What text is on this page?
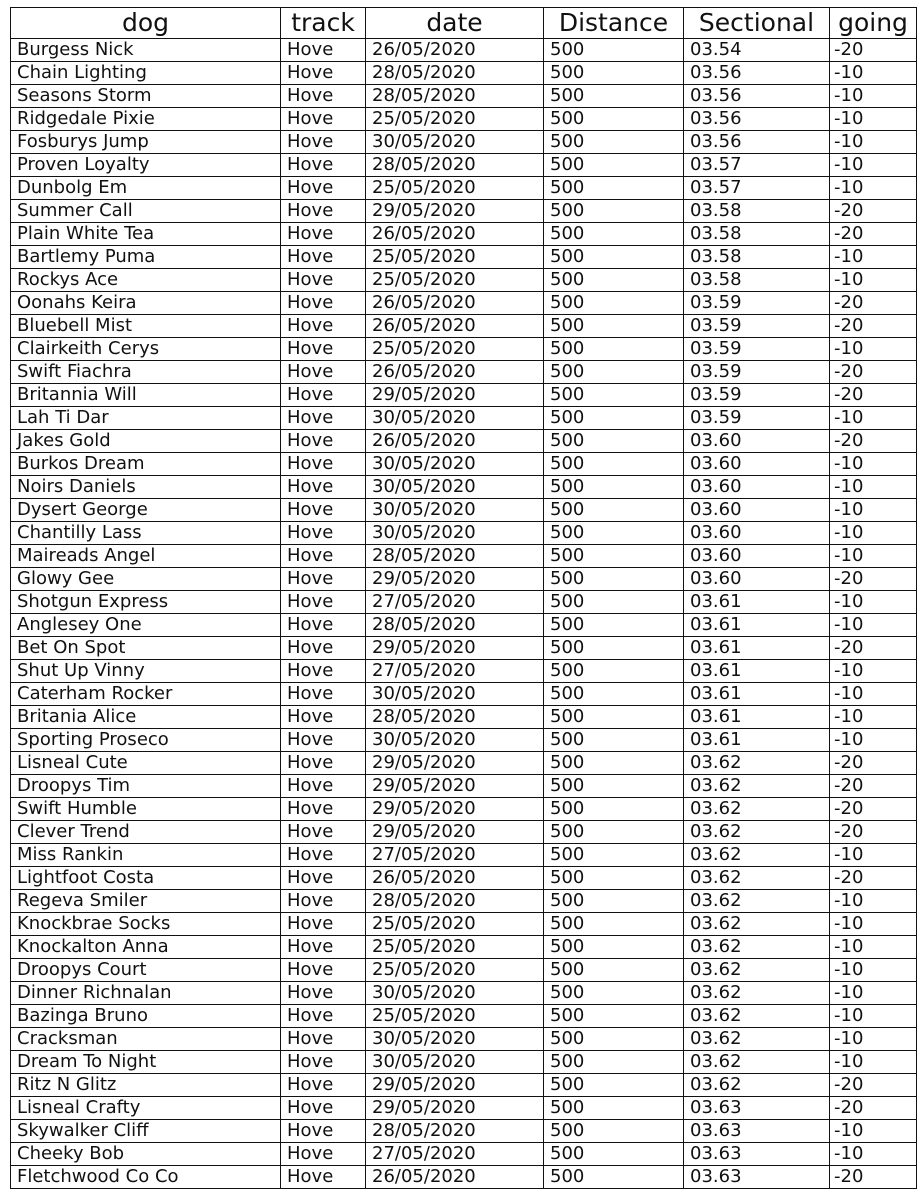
dog	track	date	Distance	Sectional	going
Burgess Nick	Hove	26/05/2020	500	03.54	-20
Chain Lighting	Hove	28/05/2020	500	03.56	-10
Seasons Storm	Hove	28/05/2020	500	03.56	-10
Ridgedale Pixie	Hove	25/05/2020	500	03.56	-10
Fosburys Jump	Hove	30/05/2020	500	03.56	-10
Proven Loyalty	Hove	28/05/2020	500	03.57	-10
Dunbolg Em	Hove	25/05/2020	500	03.57	-10
Summer Call	Hove	29/05/2020	500	03.58	-20
Plain White Tea	Hove	26/05/2020	500	03.58	-20
Bartlemy Puma	Hove	25/05/2020	500	03.58	-10
Rockys Ace	Hove	25/05/2020	500	03.58	-10
Oonahs Keira	Hove	26/05/2020	500	03.59	-20
Bluebell Mist	Hove	26/05/2020	500	03.59	-20
Clairkeith Cerys	Hove	25/05/2020	500	03.59	-10
Swift Fiachra	Hove	26/05/2020	500	03.59	-20
Britannia Will	Hove	29/05/2020	500	03.59	-20
Lah Ti Dar	Hove	30/05/2020	500	03.59	-10
Jakes Gold	Hove	26/05/2020	500	03.60	-20
Burkos Dream	Hove	30/05/2020	500	03.60	-10
Noirs Daniels	Hove	30/05/2020	500	03.60	-10
Dysert George	Hove	30/05/2020	500	03.60	-10
Chantilly Lass	Hove	30/05/2020	500	03.60	-10
Maireads Angel	Hove	28/05/2020	500	03.60	-10
Glowy Gee	Hove	29/05/2020	500	03.60	-20
Shotgun Express	Hove	27/05/2020	500	03.61	-10
Anglesey One	Hove	28/05/2020	500	03.61	-10
Bet On Spot	Hove	29/05/2020	500	03.61	-20
Shut Up Vinny	Hove	27/05/2020	500	03.61	-10
Caterham Rocker	Hove	30/05/2020	500	03.61	-10
Britania Alice	Hove	28/05/2020	500	03.61	-10
Sporting Proseco	Hove	30/05/2020	500	03.61	-10
Lisneal Cute	Hove	29/05/2020	500	03.62	-20
Droopys Tim	Hove	29/05/2020	500	03.62	-20
Swift Humble	Hove	29/05/2020	500	03.62	-20
Clever Trend	Hove	29/05/2020	500	03.62	-20
Miss Rankin	Hove	27/05/2020	500	03.62	-10
Lightfoot Costa	Hove	26/05/2020	500	03.62	-20
Regeva Smiler	Hove	28/05/2020	500	03.62	-10
Knockbrae Socks	Hove	25/05/2020	500	03.62	-10
Knockalton Anna	Hove	25/05/2020	500	03.62	-10
Droopys Court	Hove	25/05/2020	500	03.62	-10
Dinner Richnalan	Hove	30/05/2020	500	03.62	-10
Bazinga Bruno	Hove	25/05/2020	500	03.62	-10
Cracksman	Hove	30/05/2020	500	03.62	-10
Dream To Night	Hove	30/05/2020	500	03.62	-10
Ritz N Glitz	Hove	29/05/2020	500	03.62	-20
Lisneal Crafty	Hove	29/05/2020	500	03.63	-20
Skywalker Cliff	Hove	28/05/2020	500	03.63	-10
Cheeky Bob	Hove	27/05/2020	500	03.63	-10
Fletchwood Co Co	Hove	26/05/2020	500	03.63	-20
